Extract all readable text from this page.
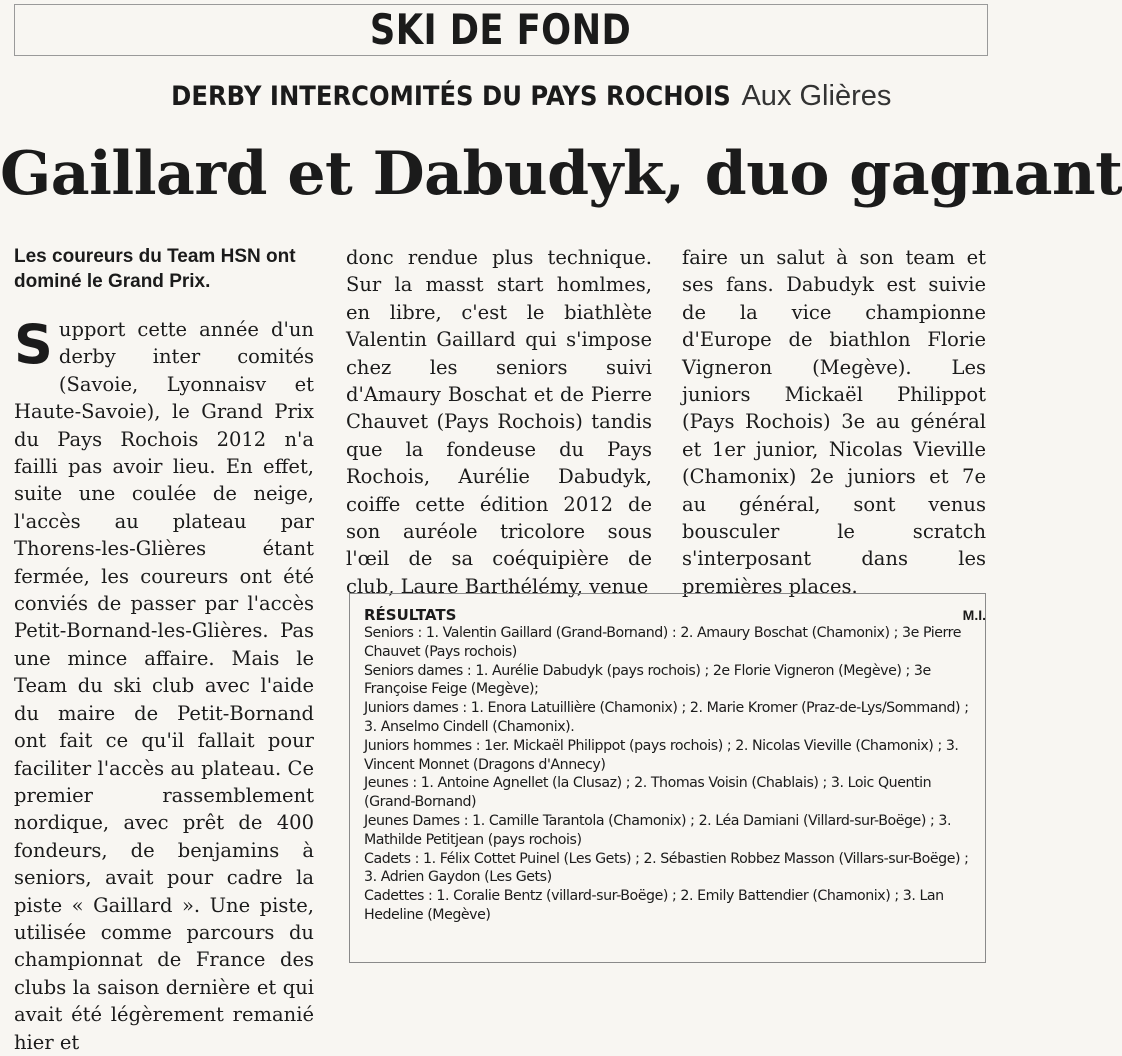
SKI DE FOND
DERBY INTERCOMITÉS DU PAYS ROCHOIS Aux Glières
Gaillard et Dabudyk, duo gagnant

Les coureurs du Team HSN ont dominé le Grand Prix.

Support cette année d'un derby inter comités (Savoie, Lyonnaisv et Haute-Savoie), le Grand Prix du Pays Rochois 2012 n'a failli pas avoir lieu. En effet, suite une coulée de neige, l'accès au plateau par Thorens-les-Glières étant fermée, les coureurs ont été conviés de passer par l'accès Petit-Bornand-les-Glières. Pas une mince affaire. Mais le Team du ski club avec l'aide du maire de Petit-Bornand ont fait ce qu'il fallait pour faciliter l'accès au plateau. Ce premier rassemblement nordique, avec prêt de 400 fondeurs, de benjamins à seniors, avait pour cadre la piste « Gaillard ». Une piste, utilisée comme parcours du championnat de France des clubs la saison dernière et qui avait été légèrement remanié hier et

donc rendue plus technique. Sur la masst start homlmes, en libre, c'est le biathlète Valentin Gaillard qui s'impose chez les seniors suivi d'Amaury Boschat et de Pierre Chauvet (Pays Rochois) tandis que la fondeuse du Pays Rochois, Aurélie Dabudyk, coiffe cette édition 2012 de son auréole tricolore sous l'œil de sa coéquipière de club, Laure Barthélémy, venue

faire un salut à son team et ses fans. Dabudyk est suivie de la vice championne d'Europe de biathlon Florie Vigneron (Megève). Les juniors Mickaël Philippot (Pays Rochois) 3e au général et 1er junior, Nicolas Vieville (Chamonix) 2e juniors et 7e au général, sont venus bousculer le scratch s'interposant dans les premières places.

M.I.

RÉSULTATS

Seniors : 1. Valentin Gaillard (Grand-Bornand) : 2. Amaury Boschat (Chamonix) ; 3e Pierre Chauvet (Pays rochois)

Seniors dames : 1. Aurélie Dabudyk (pays rochois) ; 2e Florie Vigneron (Megève) ; 3e Françoise Feige (Megève);

Juniors dames : 1. Enora Latuillière (Chamonix) ; 2. Marie Kromer (Praz-de-Lys/Sommand) ; 3. Anselmo Cindell (Chamonix).

Juniors hommes : 1er. Mickaël Philippot (pays rochois) ; 2. Nicolas Vieville (Chamonix) ; 3. Vincent Monnet (Dragons d'Annecy)

Jeunes : 1. Antoine Agnellet (la Clusaz) ; 2. Thomas Voisin (Chablais) ; 3. Loic Quentin (Grand-Bornand)

Jeunes Dames : 1. Camille Tarantola (Chamonix) ; 2. Léa Damiani (Villard-sur-Boëge) ; 3. Mathilde Petitjean (pays rochois)

Cadets : 1. Félix Cottet Puinel (Les Gets) ; 2. Sébastien Robbez Masson (Villars-sur-Boëge) ; 3. Adrien Gaydon (Les Gets)

Cadettes : 1. Coralie Bentz (villard-sur-Boëge) ; 2. Emily Battendier (Chamonix) ; 3. Lan Hedeline (Megève)
